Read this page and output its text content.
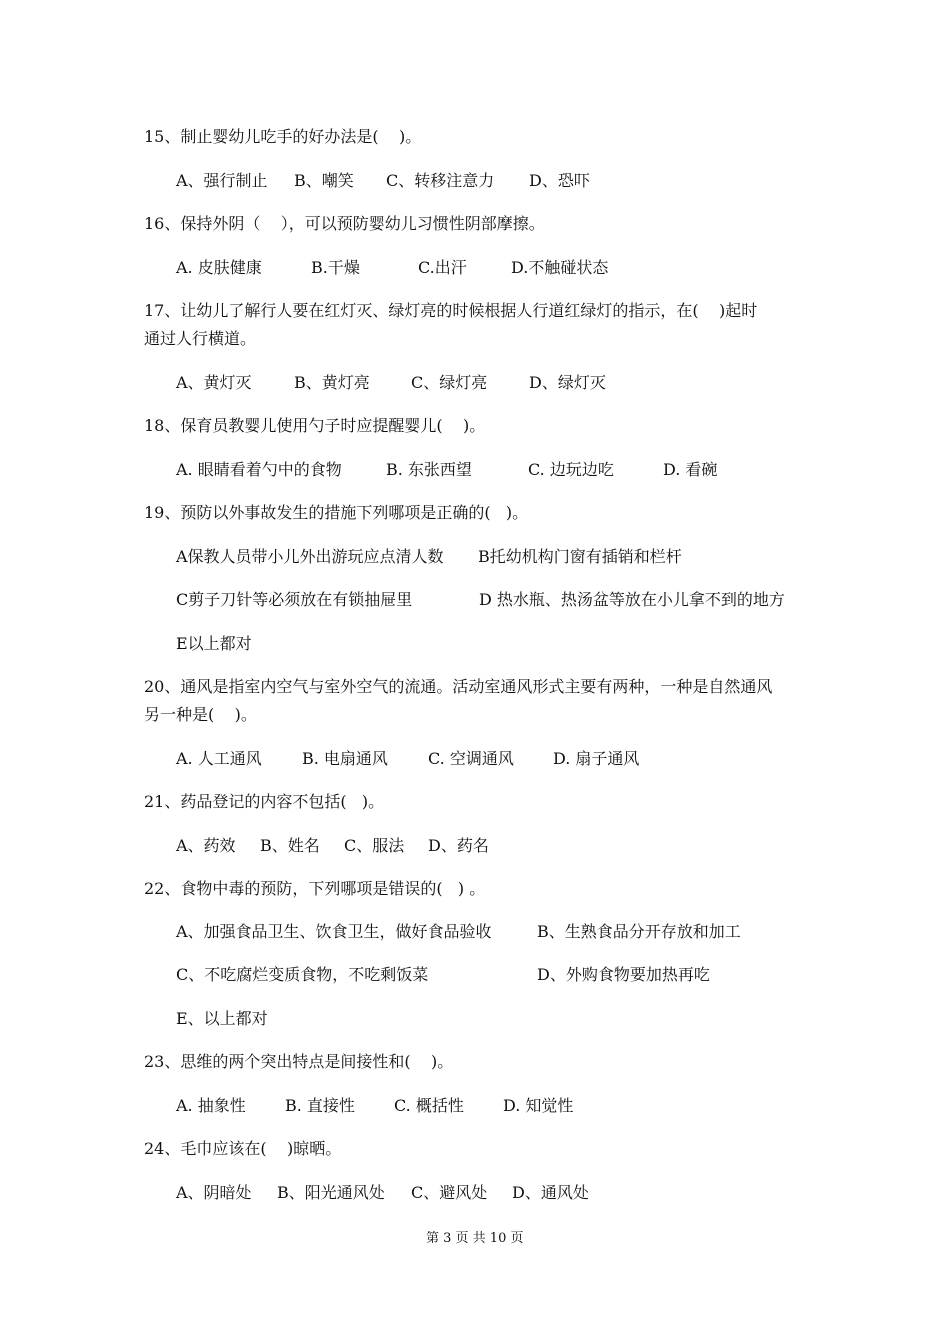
15、制止婴幼儿吃手的好办法是(    )。
A、强行制止 B、嘲笑 C、转移注意力 D、恐吓
16、保持外阴（    ），可以预防婴幼儿习惯性阴部摩擦。
A. 皮肤健康	B.干燥	C.出汗	D.不触碰状态
17、让幼儿了解行人要在红灯灭、绿灯亮的时候根据人行道红绿灯的指示，在(    )起时
通过人行横道。
A、黄灯灭	B、黄灯亮	C、绿灯亮	D、绿灯灭
18、保育员教婴儿使用勺子时应提醒婴儿(    )。
A. 眼睛看着勺中的食物	B. 东张西望	C. 边玩边吃	D. 看碗
19、预防以外事故发生的措施下列哪项是正确的(   )。
A保教人员带小儿外出游玩应点清人数 B托幼机构门窗有插销和栏杆
C剪子刀针等必须放在有锁抽屉里	D 热水瓶、热汤盆等放在小儿拿不到的地方
E以上都对
20、通风是指室内空气与室外空气的流通。活动室通风形式主要有两种，一种是自然通风
另一种是(    )。
A. 人工通风	B. 电扇通风	C. 空调通风 D. 扇子通风
21、药品登记的内容不包括(   )。
A、药效 B、姓名 C、服法 D、药名
22、食物中毒的预防，下列哪项是错误的(   ) 。
A、加强食品卫生、饮食卫生，做好食品验收	B、生熟食品分开存放和加工
C、不吃腐烂变质食物，不吃剩饭菜	D、外购食物要加热再吃
E、以上都对
23、思维的两个突出特点是间接性和(    )。
A. 抽象性 B. 直接性 C. 概括性 D. 知觉性
24、毛巾应该在(    )晾晒。
A、阴暗处 B、阳光通风处 C、避风处 D、通风处
第 3 页 共 10 页
